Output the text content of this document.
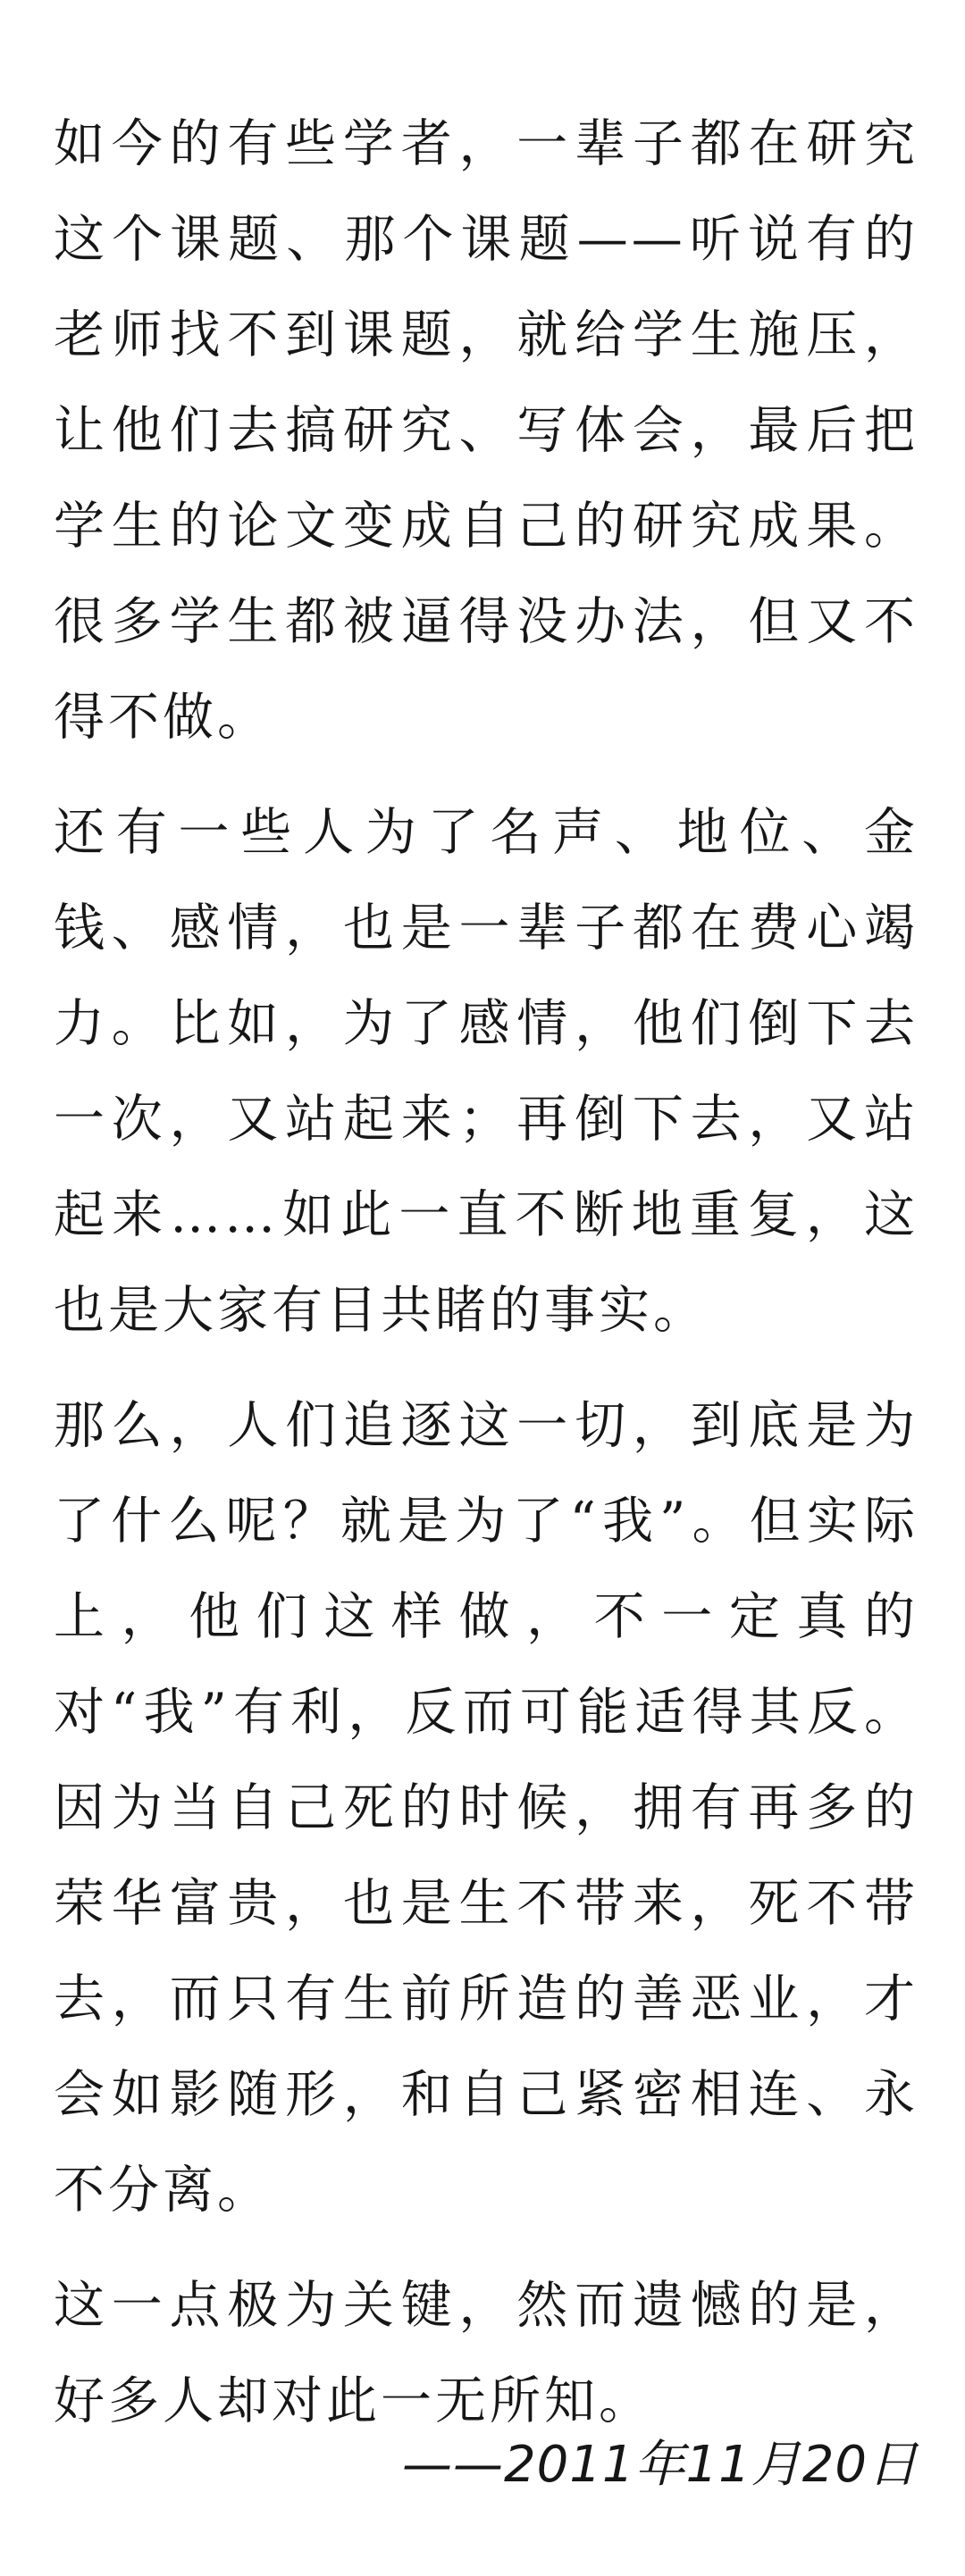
如今的有些学者，一辈子都在研究这个课题、那个课题——听说有的老师找不到课题，就给学生施压，让他们去搞研究、写体会，最后把学生的论文变成自己的研究成果。很多学生都被逼得没办法，但又不得不做。

还有一些人为了名声、地位、金钱、感情，也是一辈子都在费心竭力。比如，为了感情，他们倒下去一次，又站起来；再倒下去，又站起来……如此一直不断地重复，这也是大家有目共睹的事实。

那么，人们追逐这一切，到底是为了什么呢？就是为了“我”。但实际上，他们这样做，不一定真的对“我”有利，反而可能适得其反。因为当自己死的时候，拥有再多的荣华富贵，也是生不带来，死不带去，而只有生前所造的善恶业，才会如影随形，和自己紧密相连、永不分离。

这一点极为关键，然而遗憾的是，好多人却对此一无所知。

——2011年11月20日
